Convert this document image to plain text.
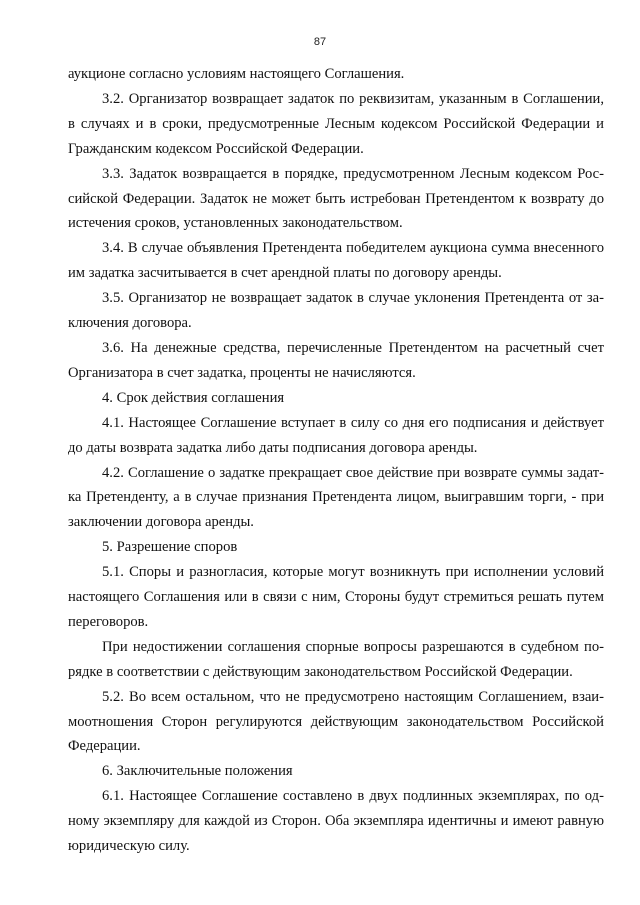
87

аукционе согласно условиям настоящего Соглашения.

3.2. Организатор возвращает задаток по реквизитам, указанным в Соглашении, в случаях и в сроки, предусмотренные Лесным кодексом Российской Федерации и Гражданским кодексом Российской Федерации.

3.3. Задаток возвращается в порядке, предусмотренном Лесным кодексом Российской Федерации. Задаток не может быть истребован Претендентом к возврату до истечения сроков, установленных законодательством.

3.4. В случае объявления Претендента победителем аукциона сумма внесенного им задатка засчитывается в счет арендной платы по договору аренды.

3.5. Организатор не возвращает задаток в случае уклонения Претендента от заключения договора.

3.6. На денежные средства, перечисленные Претендентом на расчетный счет Организатора в счет задатка, проценты не начисляются.

4. Срок действия соглашения

4.1. Настоящее Соглашение вступает в силу со дня его подписания и действует до даты возврата задатка либо даты подписания договора аренды.

4.2. Соглашение о задатке прекращает свое действие при возврате суммы задатка Претенденту, а в случае признания Претендента лицом, выигравшим торги, - при заключении договора аренды.

5. Разрешение споров

5.1. Споры и разногласия, которые могут возникнуть при исполнении условий настоящего Соглашения или в связи с ним, Стороны будут стремиться решать путем переговоров.

При недостижении соглашения спорные вопросы разрешаются в судебном порядке в соответствии с действующим законодательством Российской Федерации.

5.2. Во всем остальном, что не предусмотрено настоящим Соглашением, взаимоотношения Сторон регулируются действующим законодательством Российской Федерации.

6. Заключительные положения

6.1. Настоящее Соглашение составлено в двух подлинных экземплярах, по одному экземпляру для каждой из Сторон. Оба экземпляра идентичны и имеют равную юридическую силу.
